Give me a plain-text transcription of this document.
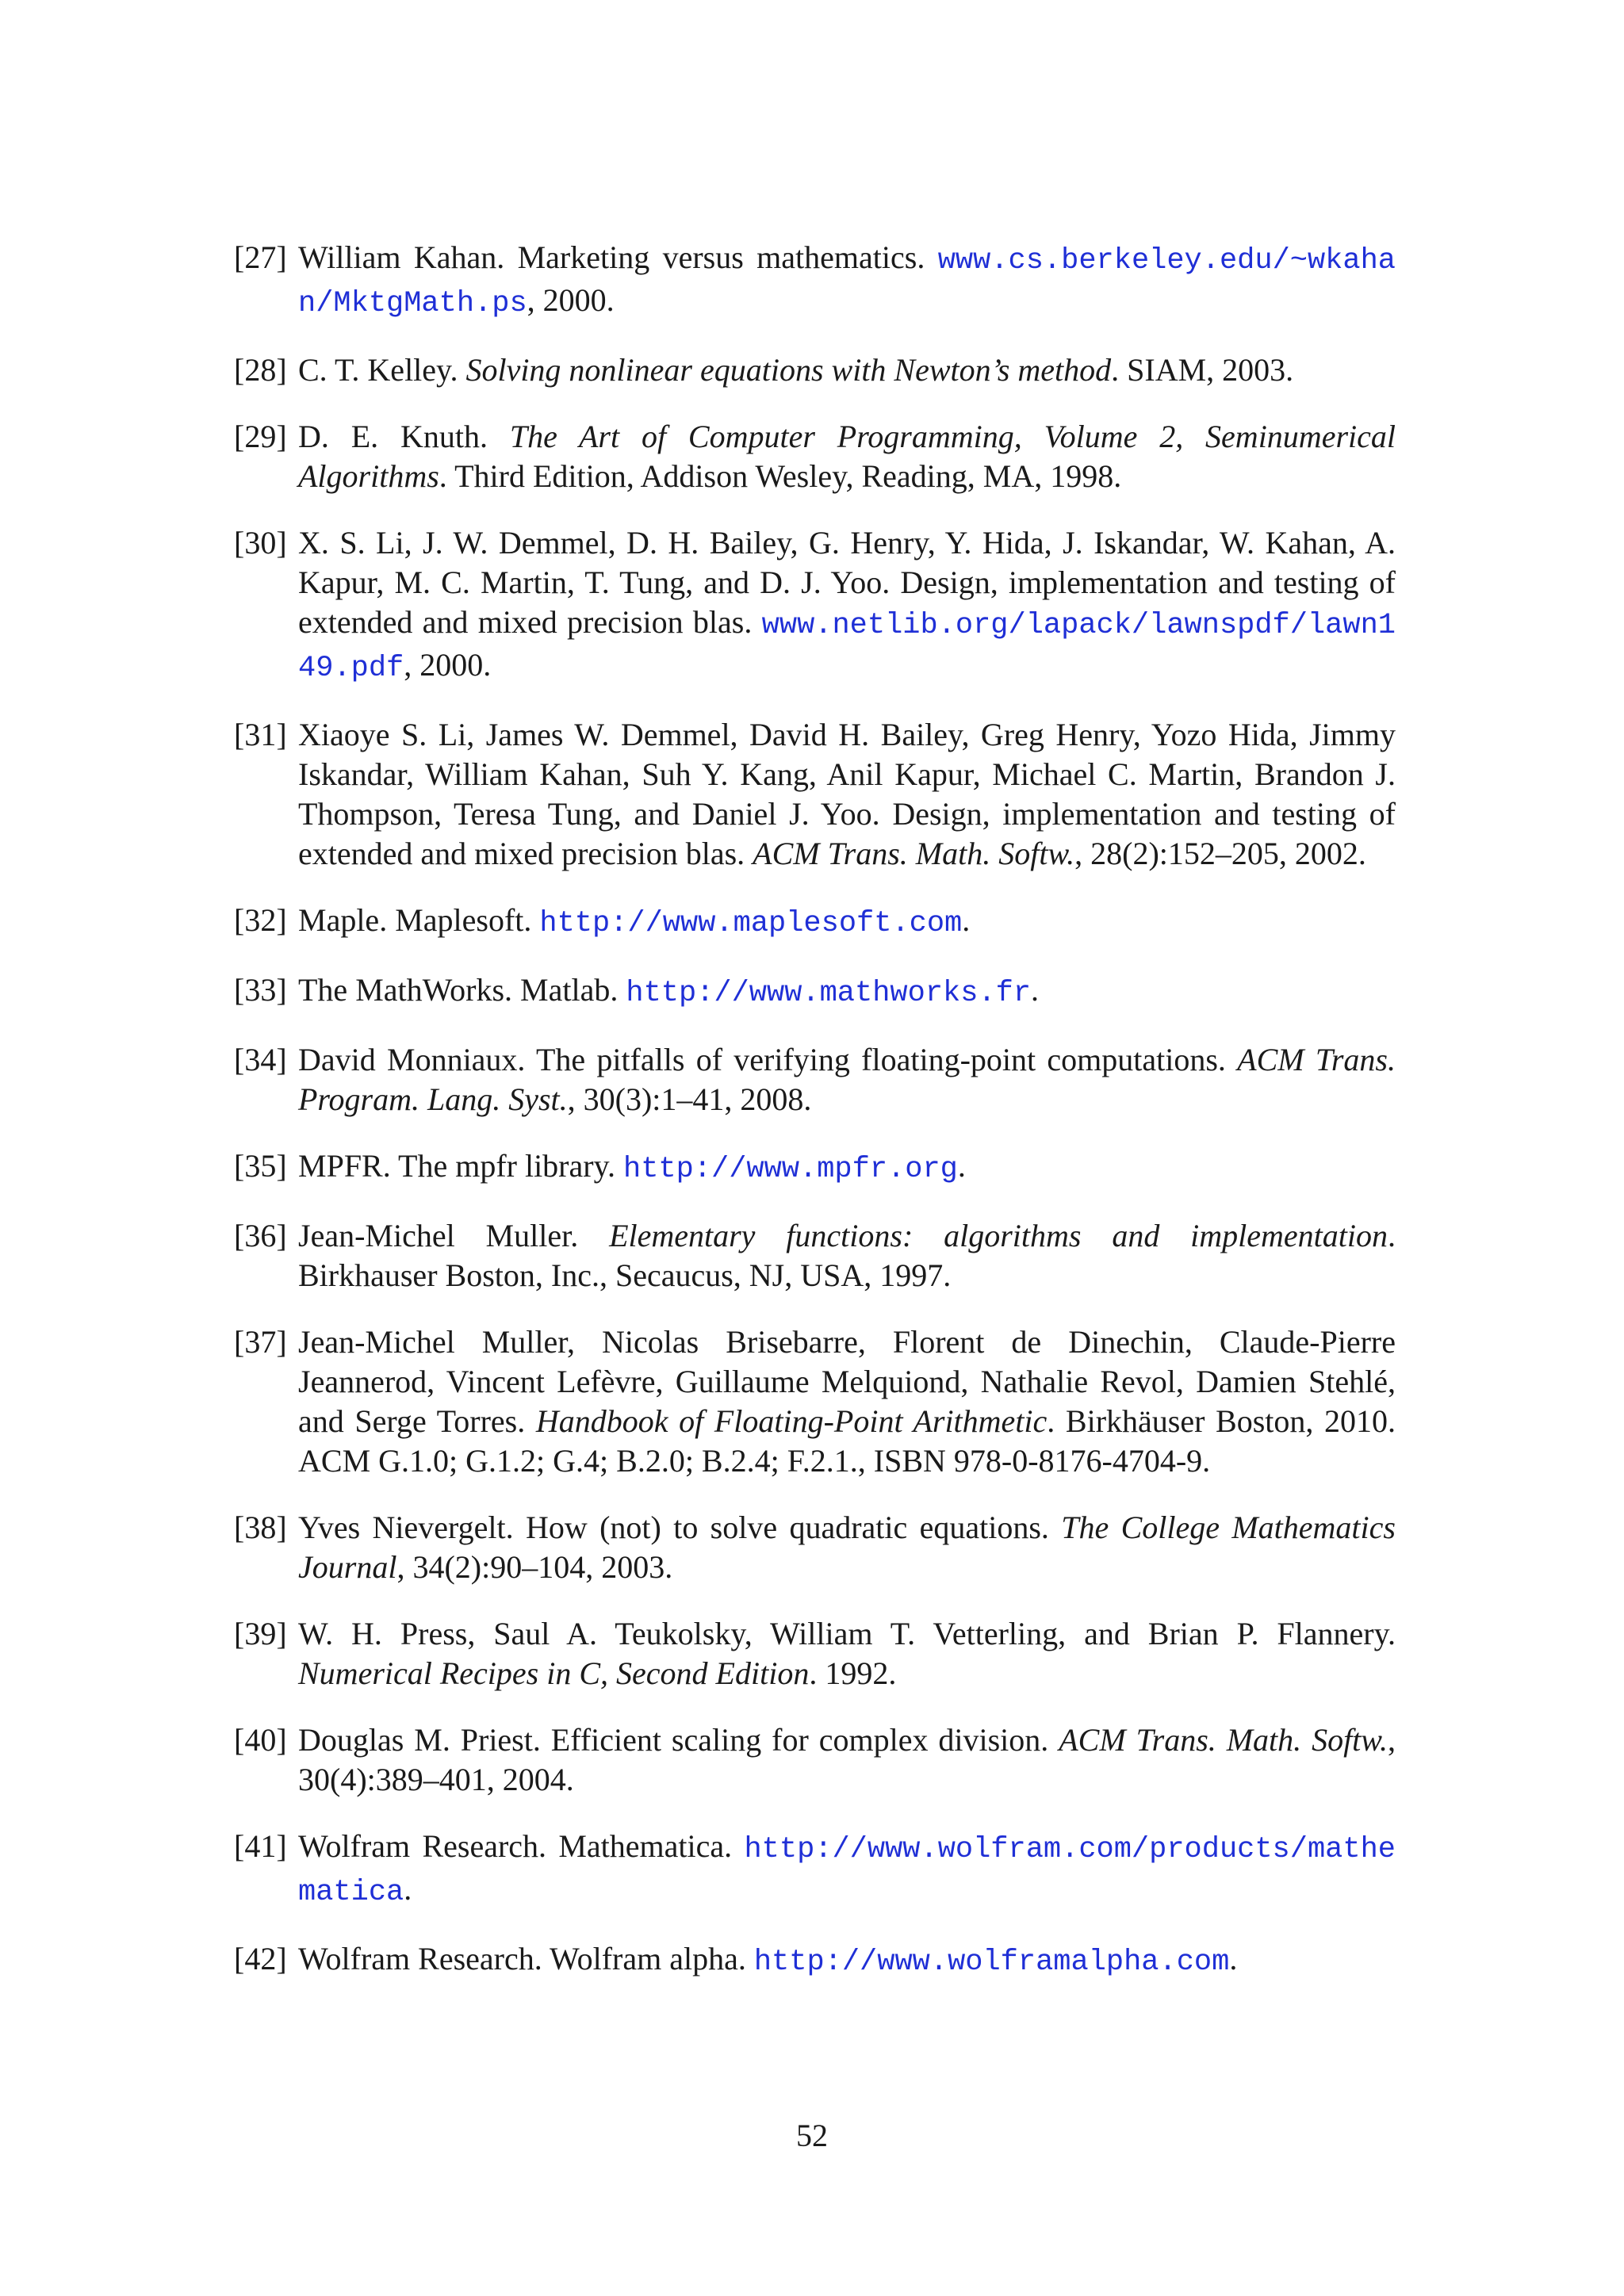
[27] William Kahan. Marketing versus mathematics. www.cs.berkeley.edu/~wkahan/MktgMath.ps, 2000.
[28] C. T. Kelley. Solving nonlinear equations with Newton’s method. SIAM, 2003.
[29] D. E. Knuth. The Art of Computer Programming, Volume 2, Seminumerical Algorithms. Third Edition, Addison Wesley, Reading, MA, 1998.
[30] X. S. Li, J. W. Demmel, D. H. Bailey, G. Henry, Y. Hida, J. Iskandar, W. Kahan, A. Kapur, M. C. Martin, T. Tung, and D. J. Yoo. Design, implementation and testing of extended and mixed precision blas. www.netlib.org/lapack/lawnspdf/lawn149.pdf, 2000.
[31] Xiaoye S. Li, James W. Demmel, David H. Bailey, Greg Henry, Yozo Hida, Jimmy Iskandar, William Kahan, Suh Y. Kang, Anil Kapur, Michael C. Martin, Brandon J. Thompson, Teresa Tung, and Daniel J. Yoo. Design, implementation and testing of extended and mixed precision blas. ACM Trans. Math. Softw., 28(2):152–205, 2002.
[32] Maple. Maplesoft. http://www.maplesoft.com.
[33] The MathWorks. Matlab. http://www.mathworks.fr.
[34] David Monniaux. The pitfalls of verifying floating-point computations. ACM Trans. Program. Lang. Syst., 30(3):1–41, 2008.
[35] MPFR. The mpfr library. http://www.mpfr.org.
[36] Jean-Michel Muller. Elementary functions: algorithms and implementation. Birkhauser Boston, Inc., Secaucus, NJ, USA, 1997.
[37] Jean-Michel Muller, Nicolas Brisebarre, Florent de Dinechin, Claude-Pierre Jeannerod, Vincent Lefèvre, Guillaume Melquiond, Nathalie Revol, Damien Stehlé, and Serge Torres. Handbook of Floating-Point Arithmetic. Birkhäuser Boston, 2010. ACM G.1.0; G.1.2; G.4; B.2.0; B.2.4; F.2.1., ISBN 978-0-8176-4704-9.
[38] Yves Nievergelt. How (not) to solve quadratic equations. The College Mathematics Journal, 34(2):90–104, 2003.
[39] W. H. Press, Saul A. Teukolsky, William T. Vetterling, and Brian P. Flannery. Numerical Recipes in C, Second Edition. 1992.
[40] Douglas M. Priest. Efficient scaling for complex division. ACM Trans. Math. Softw., 30(4):389–401, 2004.
[41] Wolfram Research. Mathematica. http://www.wolfram.com/products/mathematica.
[42] Wolfram Research. Wolfram alpha. http://www.wolframalpha.com.
52
